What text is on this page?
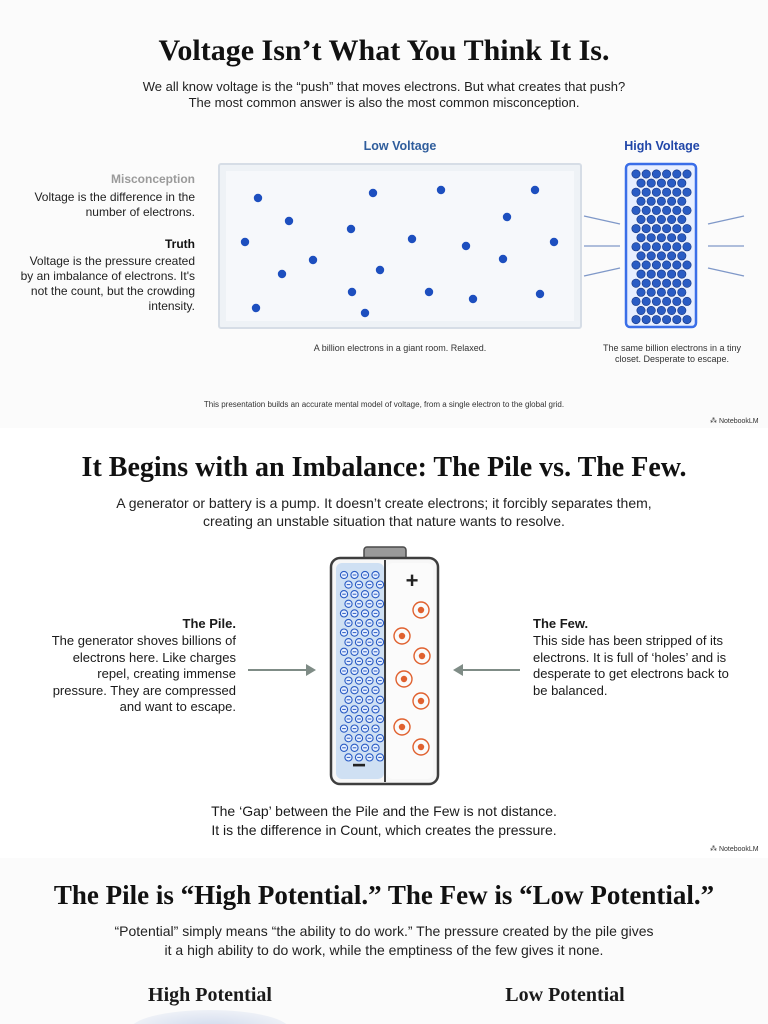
Voltage Isn’t What You Think It Is.
We all know voltage is the “push” that moves electrons. But what creates that push?
The most common answer is also the most common misconception.
Low Voltage	High Voltage
Misconception
Voltage is the difference in the number of electrons.
Truth
Voltage is the pressure created by an imbalance of electrons. It's not the count, but the crowding intensity.
A billion electrons in a giant room. Relaxed.	The same billion electrons in a tiny closet. Desperate to escape.
This presentation builds an accurate mental model of voltage, from a single electron to the global grid.
⁂ NotebookLM
It Begins with an Imbalance: The Pile vs. The Few.
A generator or battery is a pump. It doesn’t create electrons; it forcibly separates them,
creating an unstable situation that nature wants to resolve.
The Pile.
The generator shoves billions of electrons here. Like charges repel, creating immense pressure. They are compressed and want to escape.
The Few.
This side has been stripped of its electrons. It is full of ‘holes’ and is desperate to get electrons back to be balanced.
+
−
The ‘Gap’ between the Pile and the Few is not distance.
It is the difference in Count, which creates the pressure.
⁂ NotebookLM
The Pile is “High Potential.” The Few is “Low Potential.”
“Potential” simply means “the ability to do work.” The pressure created by the pile gives
it a high ability to do work, while the emptiness of the few gives it none.
High Potential	Low Potential
